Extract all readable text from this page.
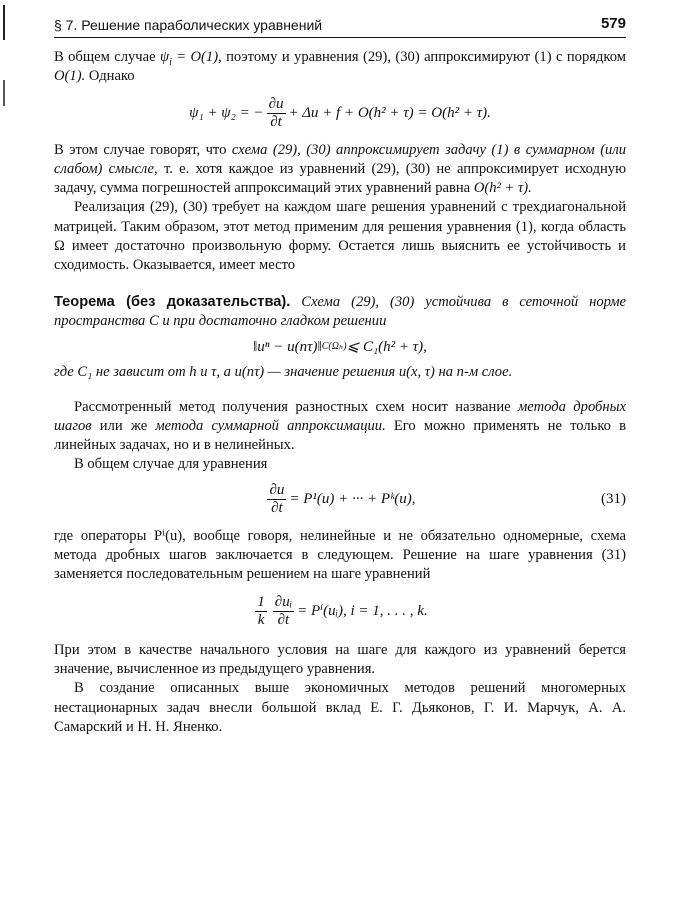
§ 7. Решение параболических уравнений	579

В общем случае $\psi_i = O(1)$, поэтому и уравнения (29), (30) аппроксимируют (1) с порядком O(1). Однако

ψ₁ + ψ₂ = − $\frac{\partial u}{\partial t} + \Delta u + f + O(h^2 + \tau) = O(h^2 + \tau)$.

В этом случае говорят, что схема (29), (30) аппроксимирует задачу (1) в суммарном (или слабом) смысле, т. е. хотя каждое из уравнений (29), (30) не аппроксимирует исходную задачу, сумма погрешностей аппроксимаций этих уравнений равна O(h² + τ).

Реализация (29), (30) требует на каждом шаге решения уравнений с трехдиагональной матрицей. Таким образом, этот метод применим для решения уравнения (1), когда область Ω имеет достаточно произвольную форму. Остается лишь выяснить ее устойчивость и сходимость. Оказывается, имеет место

Теорема (без доказательства). Схема (29), (30) устойчива в сеточной норме пространства C и при достаточно гладком решении

‖uⁿ − u(nτ)‖ C(Ωₕ) ⩽ C₁(h² + τ),

где C₁ не зависит от h и τ, а u(nτ) — значение решения u(x, τ) на n-м слое.

Рассмотренный метод получения разностных схем носит название метода дробных шагов или же метода суммарной аппроксимации. Его можно применять не только в линейных задачах, но и в нелинейных.

В общем случае для уравнения

$\frac{\partial u}{\partial t} = P^1(u)$ + ··· + Pᵏ(u),	(31)

где операторы Pⁱ(u), вообще говоря, нелинейные и не обязательно одномерные, схема метода дробных шагов заключается в следующем. Решение на шаге уравнения (31) заменяется последовательным решением на шаге уравнений

$\frac{1}{k} \frac{\text{∂uᵢ}}{\partial t}$ = Pⁱ(uᵢ), i = 1, . . . , k.

При этом в качестве начального условия на шаге для каждого из уравнений берется значение, вычисленное из предыдущего уравнения.

В создание описанных выше экономичных методов решений многомерных нестационарных задач внесли большой вклад Е. Г. Дьяконов, Г. И. Марчук, А. А. Самарский и Н. Н. Яненко.
